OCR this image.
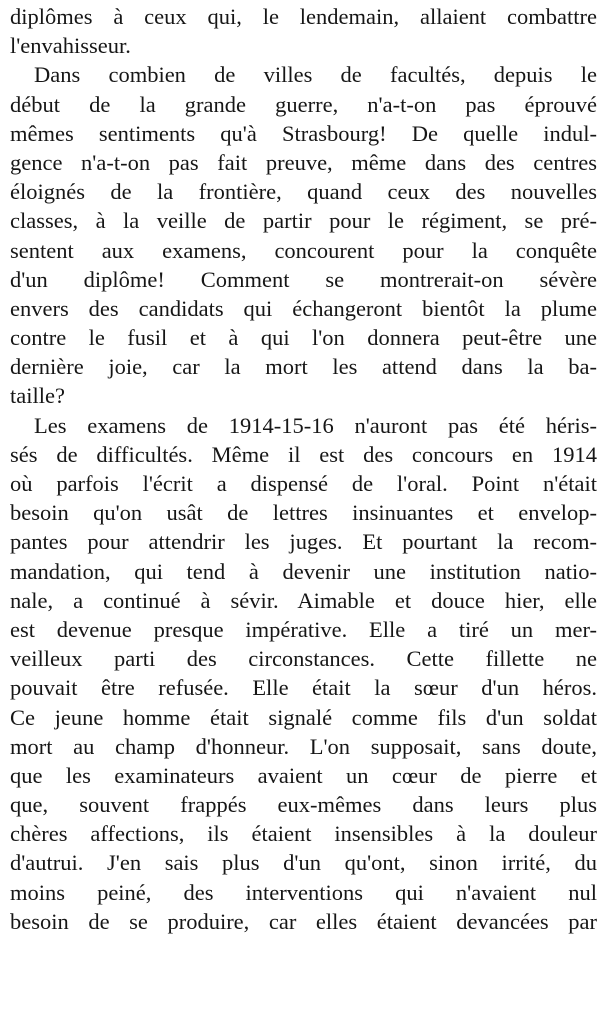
diplômes à ceux qui, le lendemain, allaient combattre
l'envahisseur.

Dans combien de villes de facultés, depuis le
début de la grande guerre, n'a-t-on pas éprouvé
mêmes sentiments qu'à Strasbourg! De quelle indul-
gence n'a-t-on pas fait preuve, même dans des centres
éloignés de la frontière, quand ceux des nouvelles
classes, à la veille de partir pour le régiment, se pré-
sentent aux examens, concourent pour la conquête
d'un diplôme! Comment se montrerait-on sévère
envers des candidats qui échangeront bientôt la plume
contre le fusil et à qui l'on donnera peut-être une
dernière joie, car la mort les attend dans la ba-
taille?

Les examens de 1914-15-16 n'auront pas été héris-
sés de difficultés. Même il est des concours en 1914
où parfois l'écrit a dispensé de l'oral. Point n'était
besoin qu'on usât de lettres insinuantes et envelop-
pantes pour attendrir les juges. Et pourtant la recom-
mandation, qui tend à devenir une institution natio-
nale, a continué à sévir. Aimable et douce hier, elle
est devenue presque impérative. Elle a tiré un mer-
veilleux parti des circonstances. Cette fillette ne
pouvait être refusée. Elle était la sœur d'un héros.
Ce jeune homme était signalé comme fils d'un soldat
mort au champ d'honneur. L'on supposait, sans doute,
que les examinateurs avaient un cœur de pierre et
que, souvent frappés eux-mêmes dans leurs plus
chères affections, ils étaient insensibles à la douleur
d'autrui. J'en sais plus d'un qu'ont, sinon irrité, du
moins peiné, des interventions qui n'avaient nul
besoin de se produire, car elles étaient devancées par
